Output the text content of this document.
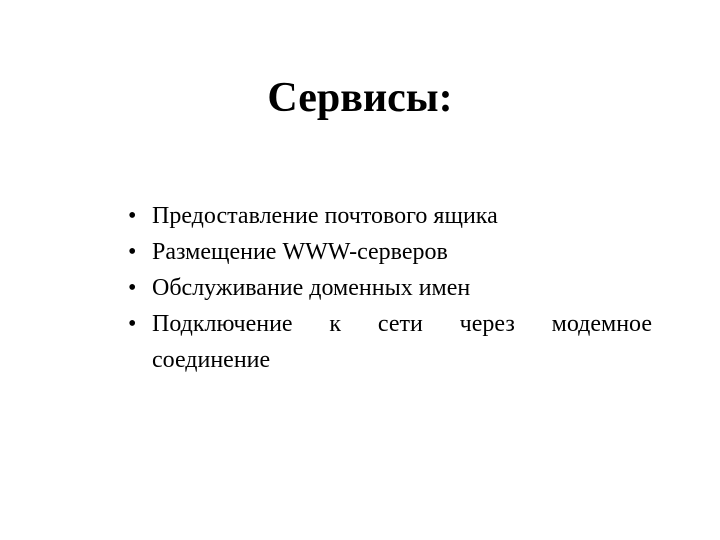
Сервисы:
• Предоставление почтового ящика
• Размещение WWW-серверов
• Обслуживание доменных имен
• Подключение к сети через модемное соединение
